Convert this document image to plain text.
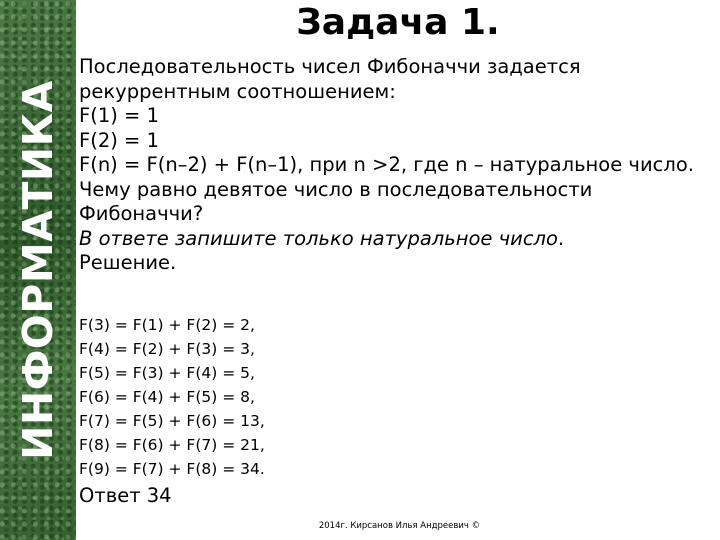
ИНФОРМАТИКА
Задача 1.
Последовательность чисел Фибоначчи задается
рекуррентным соотношением:
F(1) = 1
F(2) = 1
F(n) = F(n–2) + F(n–1), при n >2, где n – натуральное число.
Чему равно девятое число в последовательности
Фибоначчи?
В ответе запишите только натуральное число.
Решение.
F(3) = F(1) + F(2) = 2,
F(4) = F(2) + F(3) = 3,
F(5) = F(3) + F(4) = 5,
F(6) = F(4) + F(5) = 8,
F(7) = F(5) + F(6) = 13,
F(8) = F(6) + F(7) = 21,
F(9) = F(7) + F(8) = 34.
Ответ 34
2014г. Кирсанов Илья Андреевич ©
